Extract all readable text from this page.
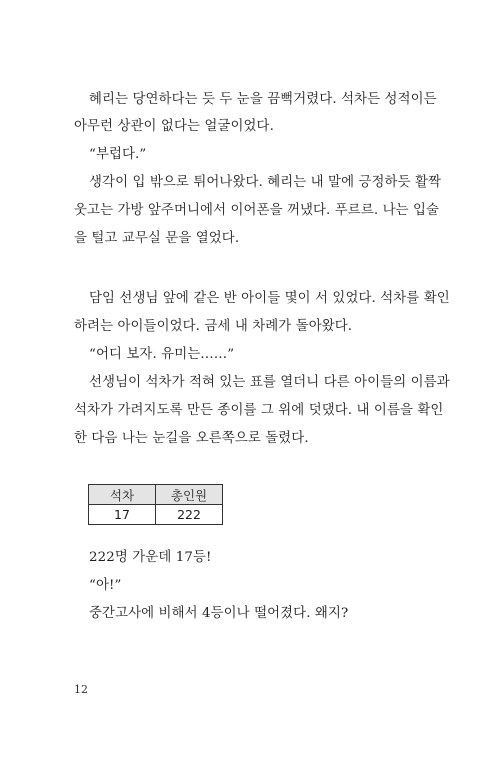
혜리는 당연하다는 듯 두 눈을 끔뻑거렸다. 석차든 성적이든
아무런 상관이 없다는 얼굴이었다.
“부럽다.”
생각이 입 밖으로 튀어나왔다. 혜리는 내 말에 긍정하듯 활짝
웃고는 가방 앞주머니에서 이어폰을 꺼냈다. 푸르르. 나는 입술
을 털고 교무실 문을 열었다.
담임 선생님 앞에 같은 반 아이들 몇이 서 있었다. 석차를 확인
하려는 아이들이었다. 금세 내 차례가 돌아왔다.
“어디 보자. 유미는……”
선생님이 석차가 적혀 있는 표를 열더니 다른 아이들의 이름과
석차가 가려지도록 만든 종이를 그 위에 덧댔다. 내 이름을 확인
한 다음 나는 눈길을 오른쪽으로 돌렸다.
석차	총인원
17	222
222명 가운데 17등!
“아!”
중간고사에 비해서 4등이나 떨어졌다. 왜지?
12
